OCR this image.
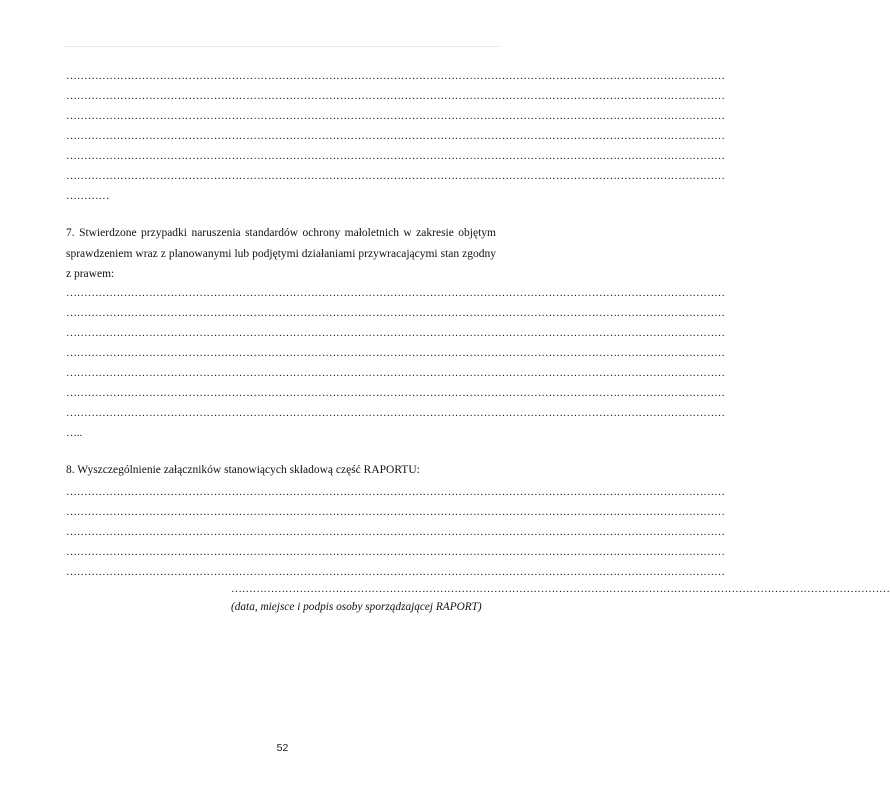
…………………………………………………………………………………………………………………………………………………………………
…………………………………………………………………………………………………………………………………………………………………
…………………………………………………………………………………………………………………………………………………………………
…………………………………………………………………………………………………………………………………………………………………
…………………………………………………………………………………………………………………………………………………………………
…………………………………………………………………………………………………………………………………………………………………
…………

7. Stwierdzone przypadki naruszenia standardów ochrony małoletnich w zakresie objętym sprawdzeniem wraz z planowanymi lub podjętymi działaniami przywracającymi stan zgodny z prawem:

…………………………………………………………………………………………………………………………………………………………………
…………………………………………………………………………………………………………………………………………………………………
…………………………………………………………………………………………………………………………………………………………………
…………………………………………………………………………………………………………………………………………………………………
…………………………………………………………………………………………………………………………………………………………………
…………………………………………………………………………………………………………………………………………………………………
…………………………………………………………………………………………………………………………………………………………………
…..

8. Wyszczególnienie załączników stanowiących składową część RAPORTU:

…………………………………………………………………………………………………………………………………………………………………
…………………………………………………………………………………………………………………………………………………………………
…………………………………………………………………………………………………………………………………………………………………
…………………………………………………………………………………………………………………………………………………………………
…………………………………………………………………………………………………………………………………………………………………
…………………………………………………………………………………………………………………………………………………………………
(data, miejsce i podpis osoby sporządzającej RAPORT)
52
